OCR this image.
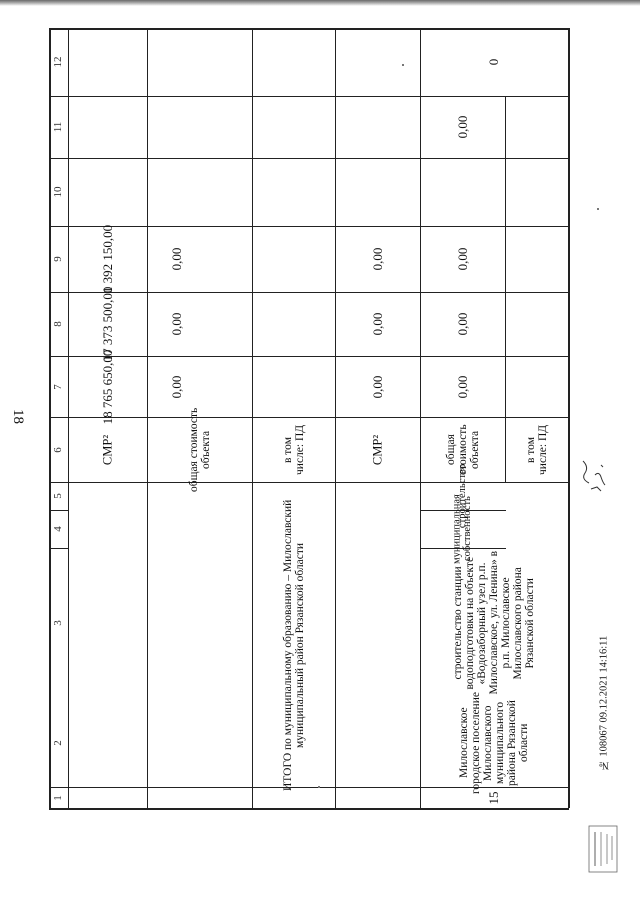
18
12
11
10
9
8
7
6
5
4
3
2
1
1 392 150,00
17 373 500,00
18 765 650,00
СМР²
0,00
0,00
0,00
общая стоимость объекта	в том числе: ПД
0,00
0,00
0,00
СМР²
ИТОГО по муниципальному образованию – Милославский муниципальный район Рязанской области
0
0,00
0,00
0,00
0,00
общая стоимость объекта	в том числе: ПД
строительство
муниципальная собственность
строительство станции водоподготовки на объекте «Водозаборный узел р.п. Милославское, ул. Ленина» в р.п. Милославское Милославского района Рязанской области
Милославское городское поселение Милославского муниципального района Рязанской области
15
№ 108067 09.12.2021 14:16:11
